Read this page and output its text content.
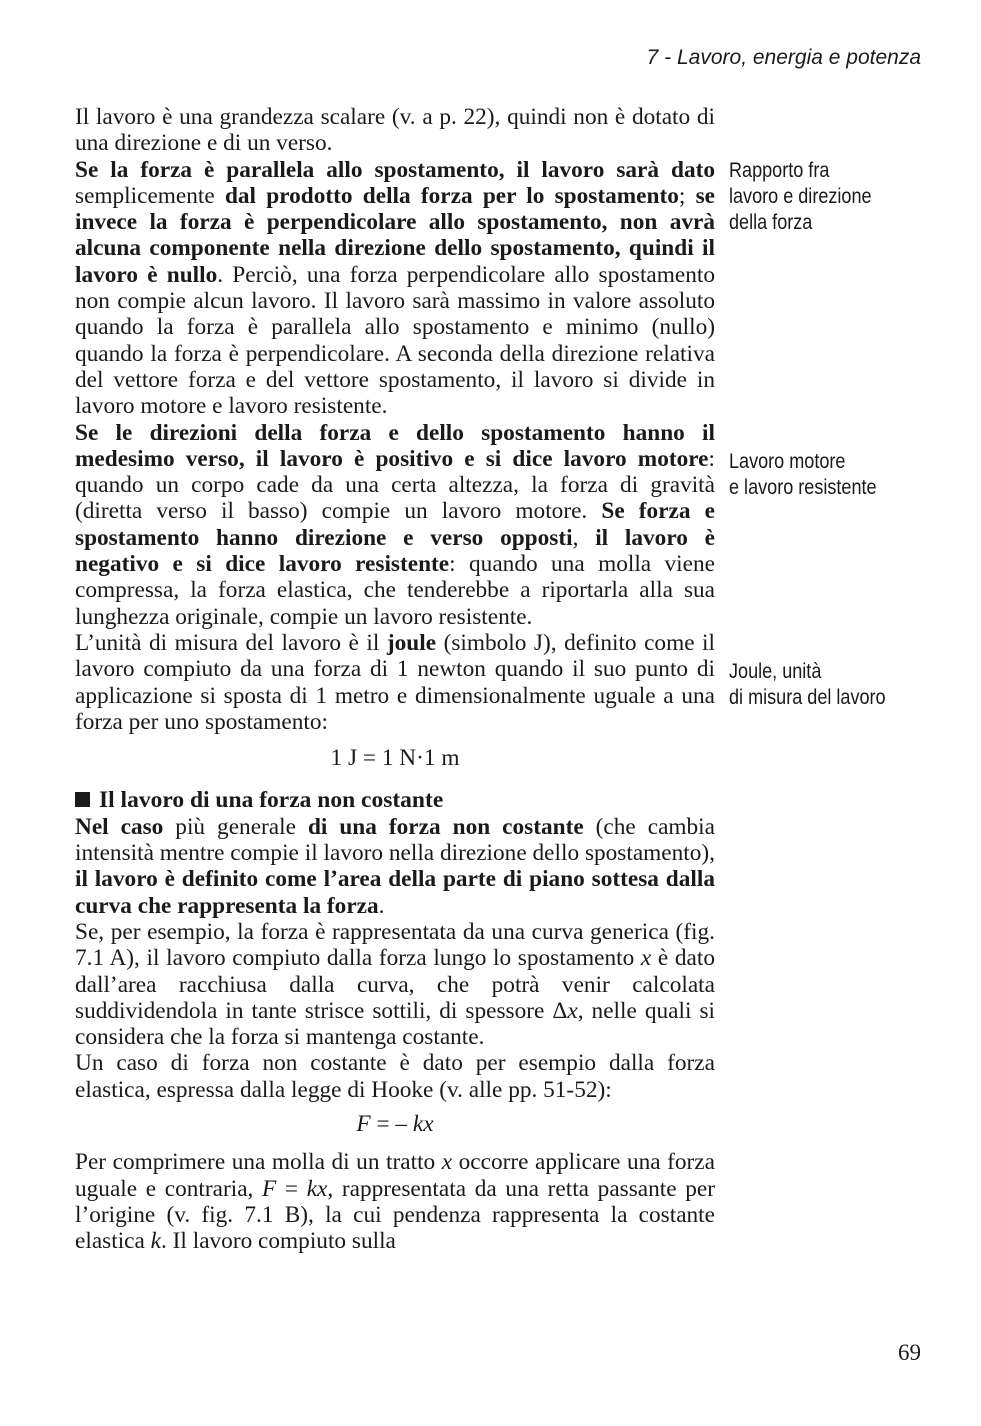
7 - Lavoro, energia e potenza

Il lavoro è una grandezza scalare (v. a p. 22), quindi non è dotato di una direzione e di un verso.

Se la forza è parallela allo spostamento, il lavoro sarà dato semplicemente dal prodotto della forza per lo spostamento; se invece la forza è perpendicolare allo spostamento, non avrà alcuna componente nella direzione dello spostamento, quindi il lavoro è nullo. Perciò, una forza perpendicolare allo spostamento non compie alcun lavoro. Il lavoro sarà massimo in valore assoluto quando la forza è parallela allo spostamento e minimo (nullo) quando la forza è perpendicolare. A seconda della direzione relativa del vettore forza e del vettore spostamento, il lavoro si divide in lavoro motore e lavoro resistente.

Se le direzioni della forza e dello spostamento hanno il medesimo verso, il lavoro è positivo e si dice lavoro motore: quando un corpo cade da una certa altezza, la forza di gravità (diretta verso il basso) compie un lavoro motore. Se forza e spostamento hanno direzione e verso opposti, il lavoro è negativo e si dice lavoro resistente: quando una molla viene compressa, la forza elastica, che tenderebbe a riportarla alla sua lunghezza originale, compie un lavoro resistente.

L’unità di misura del lavoro è il joule (simbolo J), definito come il lavoro compiuto da una forza di 1 newton quando il suo punto di applicazione si sposta di 1 metro e dimensionalmente uguale a una forza per uno spostamento:

1 J = 1 N·1 m

Il lavoro di una forza non costante

Nel caso più generale di una forza non costante (che cambia intensità mentre compie il lavoro nella direzione dello spostamento), il lavoro è definito come l’area della parte di piano sottesa dalla curva che rappresenta la forza.

Se, per esempio, la forza è rappresentata da una curva generica (fig. 7.1 A), il lavoro compiuto dalla forza lungo lo spostamento x è dato dall’area racchiusa dalla curva, che potrà venir calcolata suddividendola in tante strisce sottili, di spessore Δx, nelle quali si considera che la forza si mantenga costante.

Un caso di forza non costante è dato per esempio dalla forza elastica, espressa dalla legge di Hooke (v. alle pp. 51-52):

F = – kx

Per comprimere una molla di un tratto x occorre applicare una forza uguale e contraria, F = kx, rappresentata da una retta passante per l’origine (v. fig. 7.1 B), la cui pendenza rappresenta la costante elastica k. Il lavoro compiuto sulla

Rapporto fra
lavoro e direzione
della forza
Lavoro motore
e lavoro resistente
Joule, unità
di misura del lavoro
69
